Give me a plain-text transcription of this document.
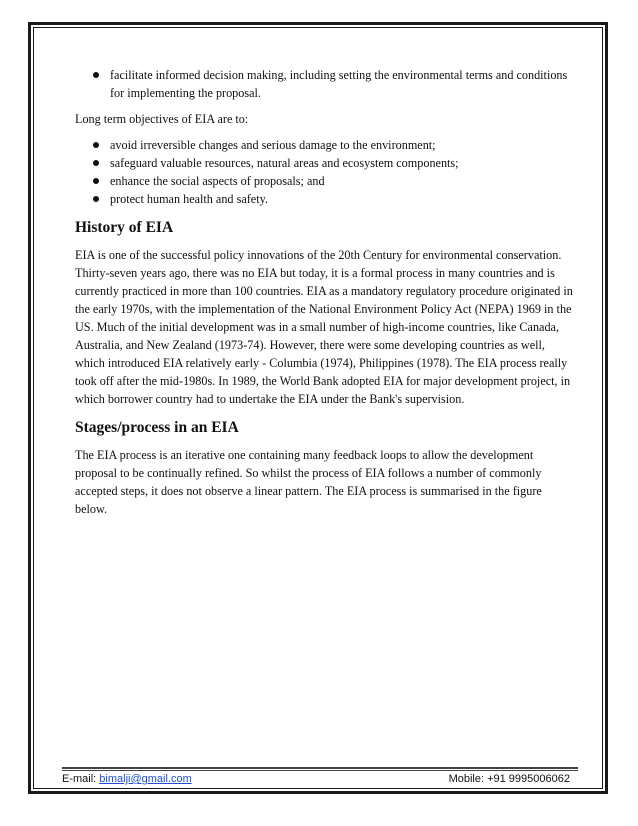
facilitate informed decision making, including setting the environmental terms and conditions for implementing the proposal.

Long term objectives of EIA are to:

avoid irreversible changes and serious damage to the environment;
safeguard valuable resources, natural areas and ecosystem components;
enhance the social aspects of proposals; and
protect human health and safety.
History of EIA

EIA is one of the successful policy innovations of the 20th Century for environmental conservation. Thirty-seven years ago, there was no EIA but today, it is a formal process in many countries and is currently practiced in more than 100 countries. EIA as a mandatory regulatory procedure originated in the early 1970s, with the implementation of the National Environment Policy Act (NEPA) 1969 in the US. Much of the initial development was in a small number of high-income countries, like Canada, Australia, and New Zealand (1973-74). However, there were some developing countries as well, which introduced EIA relatively early - Columbia (1974), Philippines (1978). The EIA process really took off after the mid-1980s. In 1989, the World Bank adopted EIA for major development project, in which borrower country had to undertake the EIA under the Bank's supervision.

Stages/process in an EIA

The EIA process is an iterative one containing many feedback loops to allow the development proposal to be continually refined. So whilst the process of EIA follows a number of commonly accepted steps, it does not observe a linear pattern. The EIA process is summarised in the figure below.

E-mail: bimalji@gmail.com	Mobile: +91 9995006062
